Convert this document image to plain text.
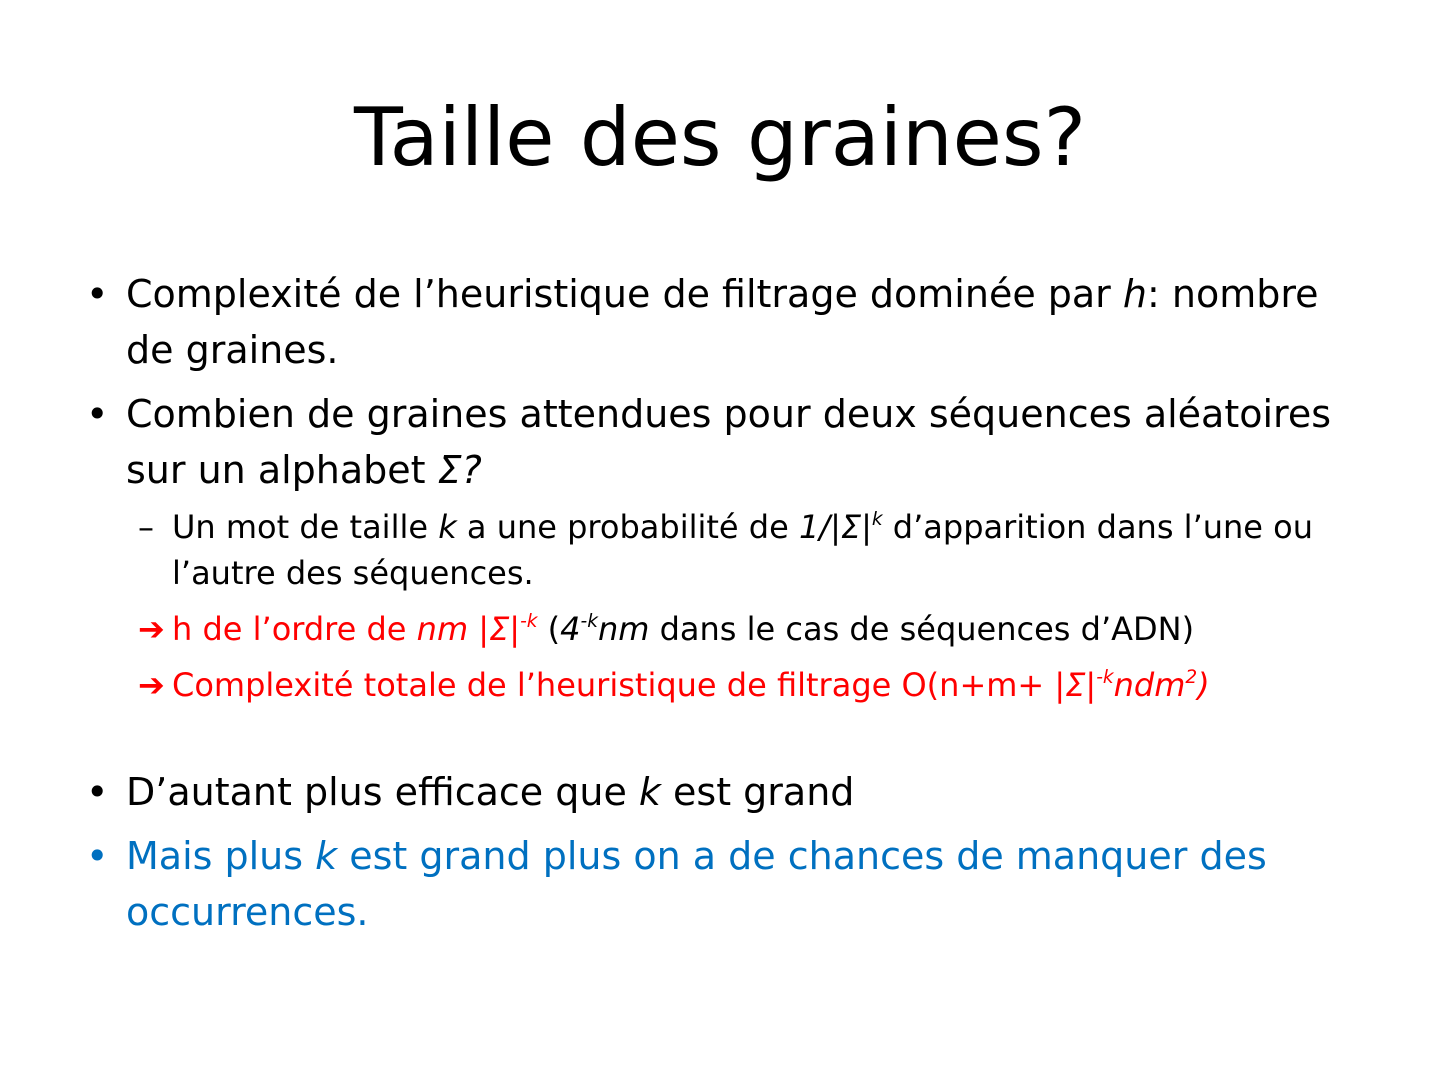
Taille des graines?

• Complexité de l’heuristique de filtrage dominée par h: nombre de graines.

• Combien de graines attendues pour deux séquences aléatoires sur un alphabet Σ?

– Un mot de taille k a une probabilité de $1/|\Sigma|^k$ d’apparition dans l’une ou l’autre des séquences.

➔ h de l’ordre de nm $|\Sigma|^{-k}$ ($4^{-k}nm$ dans le cas de séquences d’ADN)

➔ Complexité totale de l’heuristique de filtrage $O(n+m+ |\Sigma|^{-k}ndm^2)$

• D’autant plus efficace que k est grand

• Mais plus k est grand plus on a de chances de manquer des occurrences.
